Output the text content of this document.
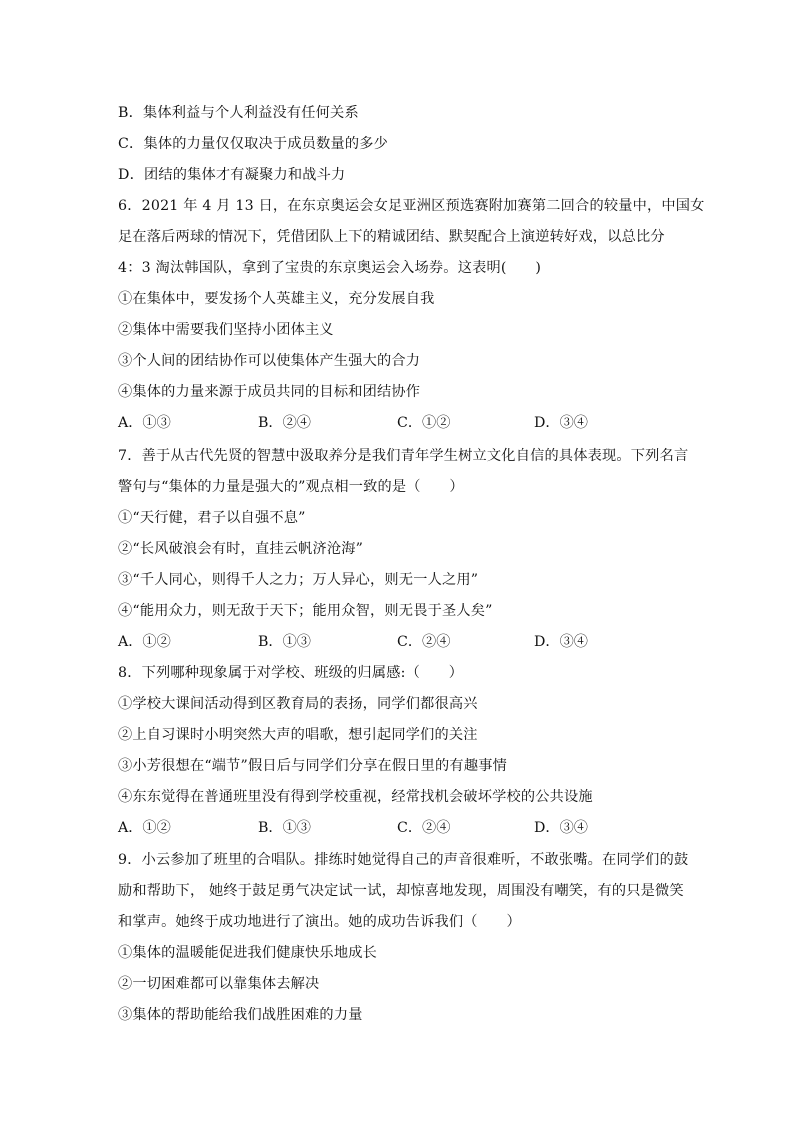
B．集体利益与个人利益没有任何关系
C．集体的力量仅仅取决于成员数量的多少
D．团结的集体才有凝聚力和战斗力
6．2021 年 4 月 13 日，在东京奥运会女足亚洲区预选赛附加赛第二回合的较量中，中国女
足在落后两球的情况下，凭借团队上下的精诚团结、默契配合上演逆转好戏，以总比分
4：3 淘汰韩国队，拿到了宝贵的东京奥运会入场券。这表明(　　)
①在集体中，要发扬个人英雄主义，充分发展自我
②集体中需要我们坚持小团体主义
③个人间的团结协作可以使集体产生强大的合力
④集体的力量来源于成员共同的目标和团结协作
A．①③	B．②④	C．①②	D．③④
7．善于从古代先贤的智慧中汲取养分是我们青年学生树立文化自信的具体表现。下列名言
警句与“集体的力量是强大的”观点相一致的是（　　）
①“天行健，君子以自强不息”
②“长风破浪会有时，直挂云帆济沧海”
③“千人同心，则得千人之力；万人异心，则无一人之用”
④“能用众力，则无敌于天下；能用众智，则无畏于圣人矣”
A．①②	B．①③	C．②④	D．③④
8．下列哪种现象属于对学校、班级的归属感:（　　）
①学校大课间活动得到区教育局的表扬，同学们都很高兴
②上自习课时小明突然大声的唱歌，想引起同学们的关注
③小芳很想在“端节”假日后与同学们分享在假日里的有趣事情
④东东觉得在普通班里没有得到学校重视，经常找机会破坏学校的公共设施
A．①②	B．①③	C．②④	D．③④
9．小云参加了班里的合唱队。排练时她觉得自己的声音很难听，不敢张嘴。在同学们的鼓
励和帮助下， 她终于鼓足勇气决定试一试，却惊喜地发现，周围没有嘲笑，有的只是微笑
和掌声。她终于成功地进行了演出。她的成功告诉我们（　　）
①集体的温暖能促进我们健康快乐地成长
②一切困难都可以靠集体去解决
③集体的帮助能给我们战胜困难的力量
